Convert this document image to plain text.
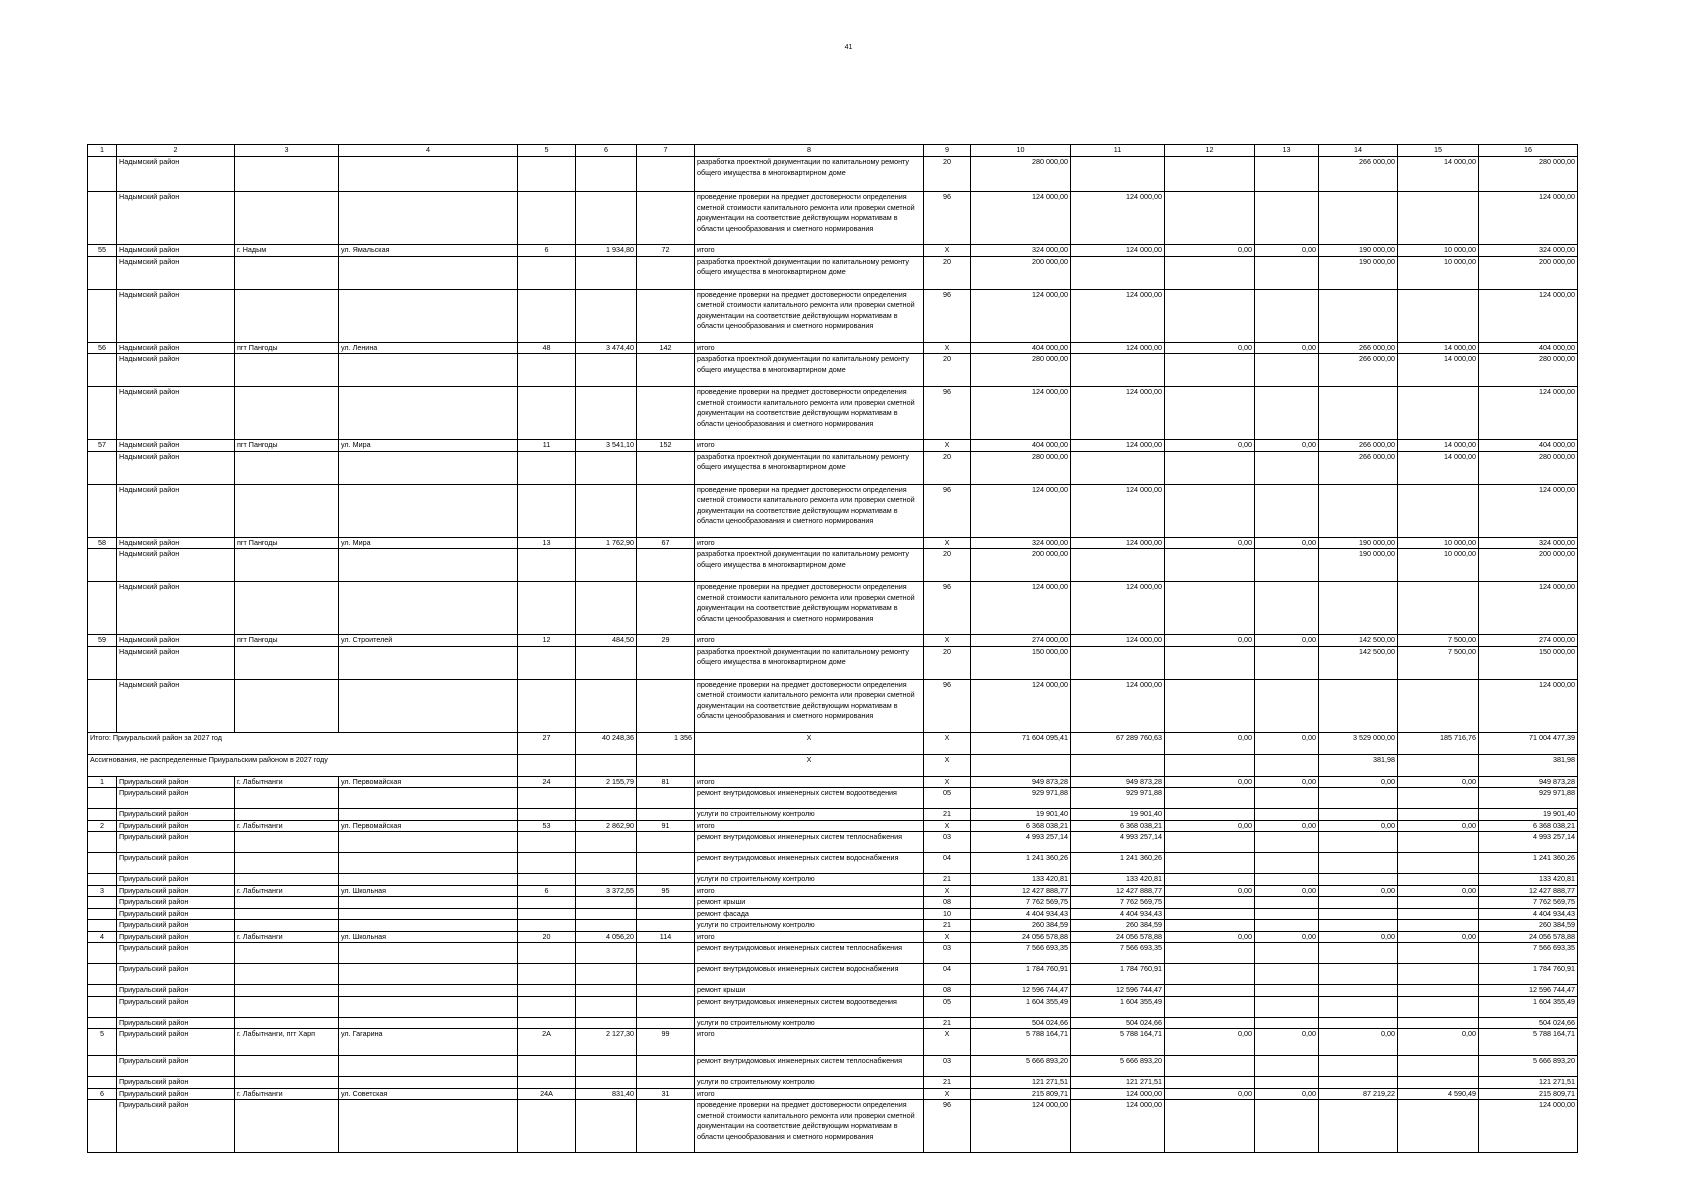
41
1	2	3	4	5	6	7	8	9	10	11	12	13	14	15	16
	Надымский район						разработка проектной документации по капитальному ремонту общего имущества в многоквартирном доме	20	280 000,00				266 000,00	14 000,00	280 000,00
	Надымский район						проведение проверки на предмет достоверности определения сметной стоимости капитального ремонта или проверки сметной документации на соответствие действующим нормативам в области ценообразования и сметного нормирования	96	124 000,00	124 000,00					124 000,00
55	Надымский район	г. Надым	ул. Ямальская	6	1 934,80	72	итого	X	324 000,00	124 000,00	0,00	0,00	190 000,00	10 000,00	324 000,00
	Надымский район						разработка проектной документации по капитальному ремонту общего имущества в многоквартирном доме	20	200 000,00				190 000,00	10 000,00	200 000,00
	Надымский район						проведение проверки на предмет достоверности определения сметной стоимости капитального ремонта или проверки сметной документации на соответствие действующим нормативам в области ценообразования и сметного нормирования	96	124 000,00	124 000,00					124 000,00
56	Надымский район	пгт Пангоды	ул. Ленина	48	3 474,40	142	итого	X	404 000,00	124 000,00	0,00	0,00	266 000,00	14 000,00	404 000,00
	Надымский район						разработка проектной документации по капитальному ремонту общего имущества в многоквартирном доме	20	280 000,00				266 000,00	14 000,00	280 000,00
	Надымский район						проведение проверки на предмет достоверности определения сметной стоимости капитального ремонта или проверки сметной документации на соответствие действующим нормативам в области ценообразования и сметного нормирования	96	124 000,00	124 000,00					124 000,00
57	Надымский район	пгт Пангоды	ул. Мира	11	3 541,10	152	итого	X	404 000,00	124 000,00	0,00	0,00	266 000,00	14 000,00	404 000,00
	Надымский район						разработка проектной документации по капитальному ремонту общего имущества в многоквартирном доме	20	280 000,00				266 000,00	14 000,00	280 000,00
	Надымский район						проведение проверки на предмет достоверности определения сметной стоимости капитального ремонта или проверки сметной документации на соответствие действующим нормативам в области ценообразования и сметного нормирования	96	124 000,00	124 000,00					124 000,00
58	Надымский район	пгт Пангоды	ул. Мира	13	1 762,90	67	итого	X	324 000,00	124 000,00	0,00	0,00	190 000,00	10 000,00	324 000,00
	Надымский район						разработка проектной документации по капитальному ремонту общего имущества в многоквартирном доме	20	200 000,00				190 000,00	10 000,00	200 000,00
	Надымский район						проведение проверки на предмет достоверности определения сметной стоимости капитального ремонта или проверки сметной документации на соответствие действующим нормативам в области ценообразования и сметного нормирования	96	124 000,00	124 000,00					124 000,00
59	Надымский район	пгт Пангоды	ул. Строителей	12	484,50	29	итого	X	274 000,00	124 000,00	0,00	0,00	142 500,00	7 500,00	274 000,00
	Надымский район						разработка проектной документации по капитальному ремонту общего имущества в многоквартирном доме	20	150 000,00				142 500,00	7 500,00	150 000,00
	Надымский район						проведение проверки на предмет достоверности определения сметной стоимости капитального ремонта или проверки сметной документации на соответствие действующим нормативам в области ценообразования и сметного нормирования	96	124 000,00	124 000,00					124 000,00
Итого: Приуральский район за 2027 год				27	40 248,36	1 356	X	X	71 604 095,41	67 289 760,63	0,00	0,00	3 529 000,00	185 716,76	71 004 477,39
Ассигнования, не распределенные Приуральским районом в 2027 году							X	X					381,98		381,98
1	Приуральский район	г. Лабытнанги	ул. Первомайская	24	2 155,79	81	итого	X	949 873,28	949 873,28	0,00	0,00	0,00	0,00	949 873,28
	Приуральский район						ремонт внутридомовых инженерных систем водоотведения	05	929 971,88	929 971,88					929 971,88
	Приуральский район						услуги по строительному контролю	21	19 901,40	19 901,40					19 901,40
2	Приуральский район	г. Лабытнанги	ул. Первомайская	53	2 862,90	91	итого	X	6 368 038,21	6 368 038,21	0,00	0,00	0,00	0,00	6 368 038,21
	Приуральский район						ремонт внутридомовых инженерных систем теплоснабжения	03	4 993 257,14	4 993 257,14					4 993 257,14
	Приуральский район						ремонт внутридомовых инженерных систем водоснабжения	04	1 241 360,26	1 241 360,26					1 241 360,26
	Приуральский район						услуги по строительному контролю	21	133 420,81	133 420,81					133 420,81
3	Приуральский район	г. Лабытнанги	ул. Школьная	6	3 372,55	95	итого	X	12 427 888,77	12 427 888,77	0,00	0,00	0,00	0,00	12 427 888,77
	Приуральский район						ремонт крыши	08	7 762 569,75	7 762 569,75					7 762 569,75
	Приуральский район						ремонт фасада	10	4 404 934,43	4 404 934,43					4 404 934,43
	Приуральский район						услуги по строительному контролю	21	260 384,59	260 384,59					260 384,59
4	Приуральский район	г. Лабытнанги	ул. Школьная	20	4 056,20	114	итого	X	24 056 578,88	24 056 578,88	0,00	0,00	0,00	0,00	24 056 578,88
	Приуральский район						ремонт внутридомовых инженерных систем теплоснабжения	03	7 566 693,35	7 566 693,35					7 566 693,35
	Приуральский район						ремонт внутридомовых инженерных систем водоснабжения	04	1 784 760,91	1 784 760,91					1 784 760,91
	Приуральский район						ремонт крыши	08	12 596 744,47	12 596 744,47					12 596 744,47
	Приуральский район						ремонт внутридомовых инженерных систем водоотведения	05	1 604 355,49	1 604 355,49					1 604 355,49
	Приуральский район						услуги по строительному контролю	21	504 024,66	504 024,66					504 024,66
5	Приуральский район	г. Лабытнанги, пгт Харп	ул. Гагарина	2А	2 127,30	99	итого	X	5 788 164,71	5 788 164,71	0,00	0,00	0,00	0,00	5 788 164,71
	Приуральский район						ремонт внутридомовых инженерных систем теплоснабжения	03	5 666 893,20	5 666 893,20					5 666 893,20
	Приуральский район						услуги по строительному контролю	21	121 271,51	121 271,51					121 271,51
6	Приуральский район	г. Лабытнанги	ул. Советская	24А	831,40	31	итого	X	215 809,71	124 000,00	0,00	0,00	87 219,22	4 590,49	215 809,71
	Приуральский район						проведение проверки на предмет достоверности определения сметной стоимости капитального ремонта или проверки сметной документации на соответствие действующим нормативам в области ценообразования и сметного нормирования	96	124 000,00	124 000,00					124 000,00
